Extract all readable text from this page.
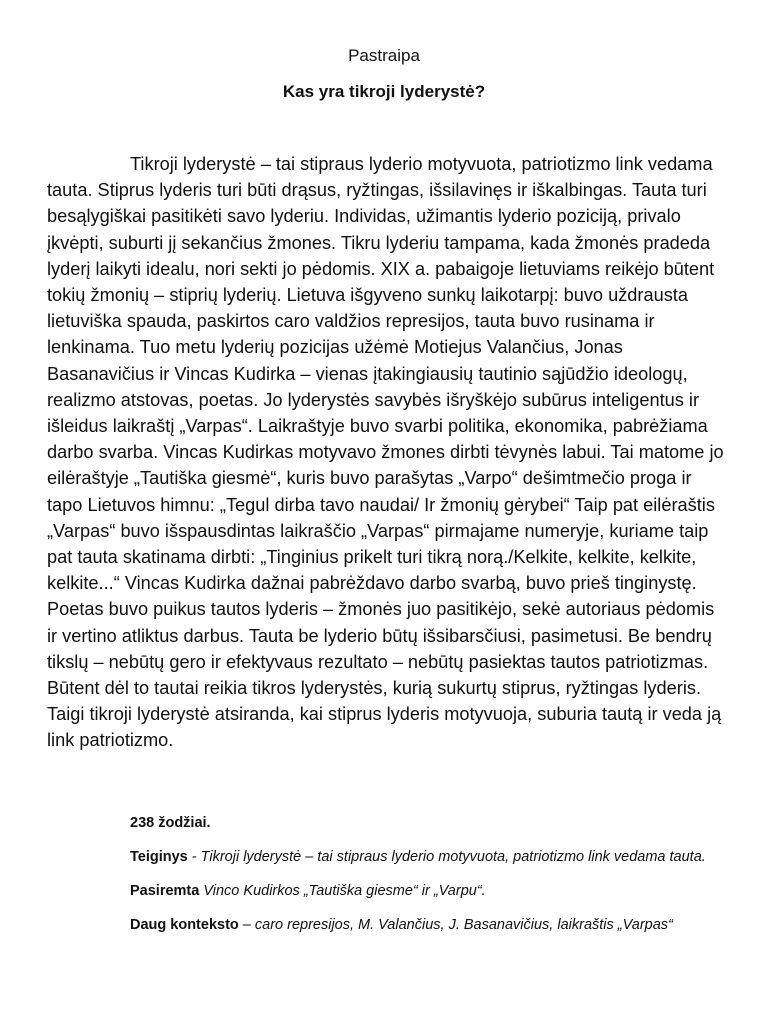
Pastraipa
Kas yra tikroji lyderystė?

Tikroji lyderystė – tai stipraus lyderio motyvuota, patriotizmo link vedama tauta. Stiprus lyderis turi būti drąsus, ryžtingas, išsilavinęs ir iškalbingas. Tauta turi besąlygiškai pasitikėti savo lyderiu. Individas, užimantis lyderio poziciją, privalo įkvėpti, suburti jį sekančius žmones. Tikru lyderiu tampama, kada žmonės pradeda lyderį laikyti idealu, nori sekti jo pėdomis. XIX a. pabaigoje lietuviams reikėjo būtent tokių žmonių – stiprių lyderių. Lietuva išgyveno sunkų laikotarpį: buvo uždrausta lietuviška spauda, paskirtos caro valdžios represijos, tauta buvo rusinama ir lenkinama. Tuo metu lyderių pozicijas užėmė Motiejus Valančius, Jonas Basanavičius ir Vincas Kudirka – vienas įtakingiausių tautinio sąjūdžio ideologų, realizmo atstovas, poetas. Jo lyderystės savybės išryškėjo subūrus inteligentus ir išleidus laikraštį „Varpas“. Laikraštyje buvo svarbi politika, ekonomika, pabrėžiama darbo svarba. Vincas Kudirkas motyvavo žmones dirbti tėvynės labui. Tai matome jo eilėraštyje „Tautiška giesmė“, kuris buvo parašytas „Varpo“ dešimtmečio proga ir tapo Lietuvos himnu: „Tegul dirba tavo naudai/ Ir žmonių gėrybei“ Taip pat eilėraštis „Varpas“ buvo išspausdintas laikraščio „Varpas“ pirmajame numeryje, kuriame taip pat tauta skatinama dirbti: „Tinginius prikelt turi tikrą norą./Kelkite, kelkite, kelkite, kelkite...“ Vincas Kudirka dažnai pabrėždavo darbo svarbą, buvo prieš tinginystę. Poetas buvo puikus tautos lyderis – žmonės juo pasitikėjo, sekė autoriaus pėdomis ir vertino atliktus darbus. Tauta be lyderio būtų išsibarsčiusi, pasimetusi. Be bendrų tikslų – nebūtų gero ir efektyvaus rezultato – nebūtų pasiektas tautos patriotizmas. Būtent dėl to tautai reikia tikros lyderystės, kurią sukurtų stiprus, ryžtingas lyderis. Taigi tikroji lyderystė atsiranda, kai stiprus lyderis motyvuoja, suburia tautą ir veda ją link patriotizmo.

238 žodžiai.

Teiginys - Tikroji lyderystė – tai stipraus lyderio motyvuota, patriotizmo link vedama tauta.

Pasiremta Vinco Kudirkos „Tautiška giesme“ ir „Varpu“.

Daug konteksto – caro represijos, M. Valančius, J. Basanavičius, laikraštis „Varpas“
